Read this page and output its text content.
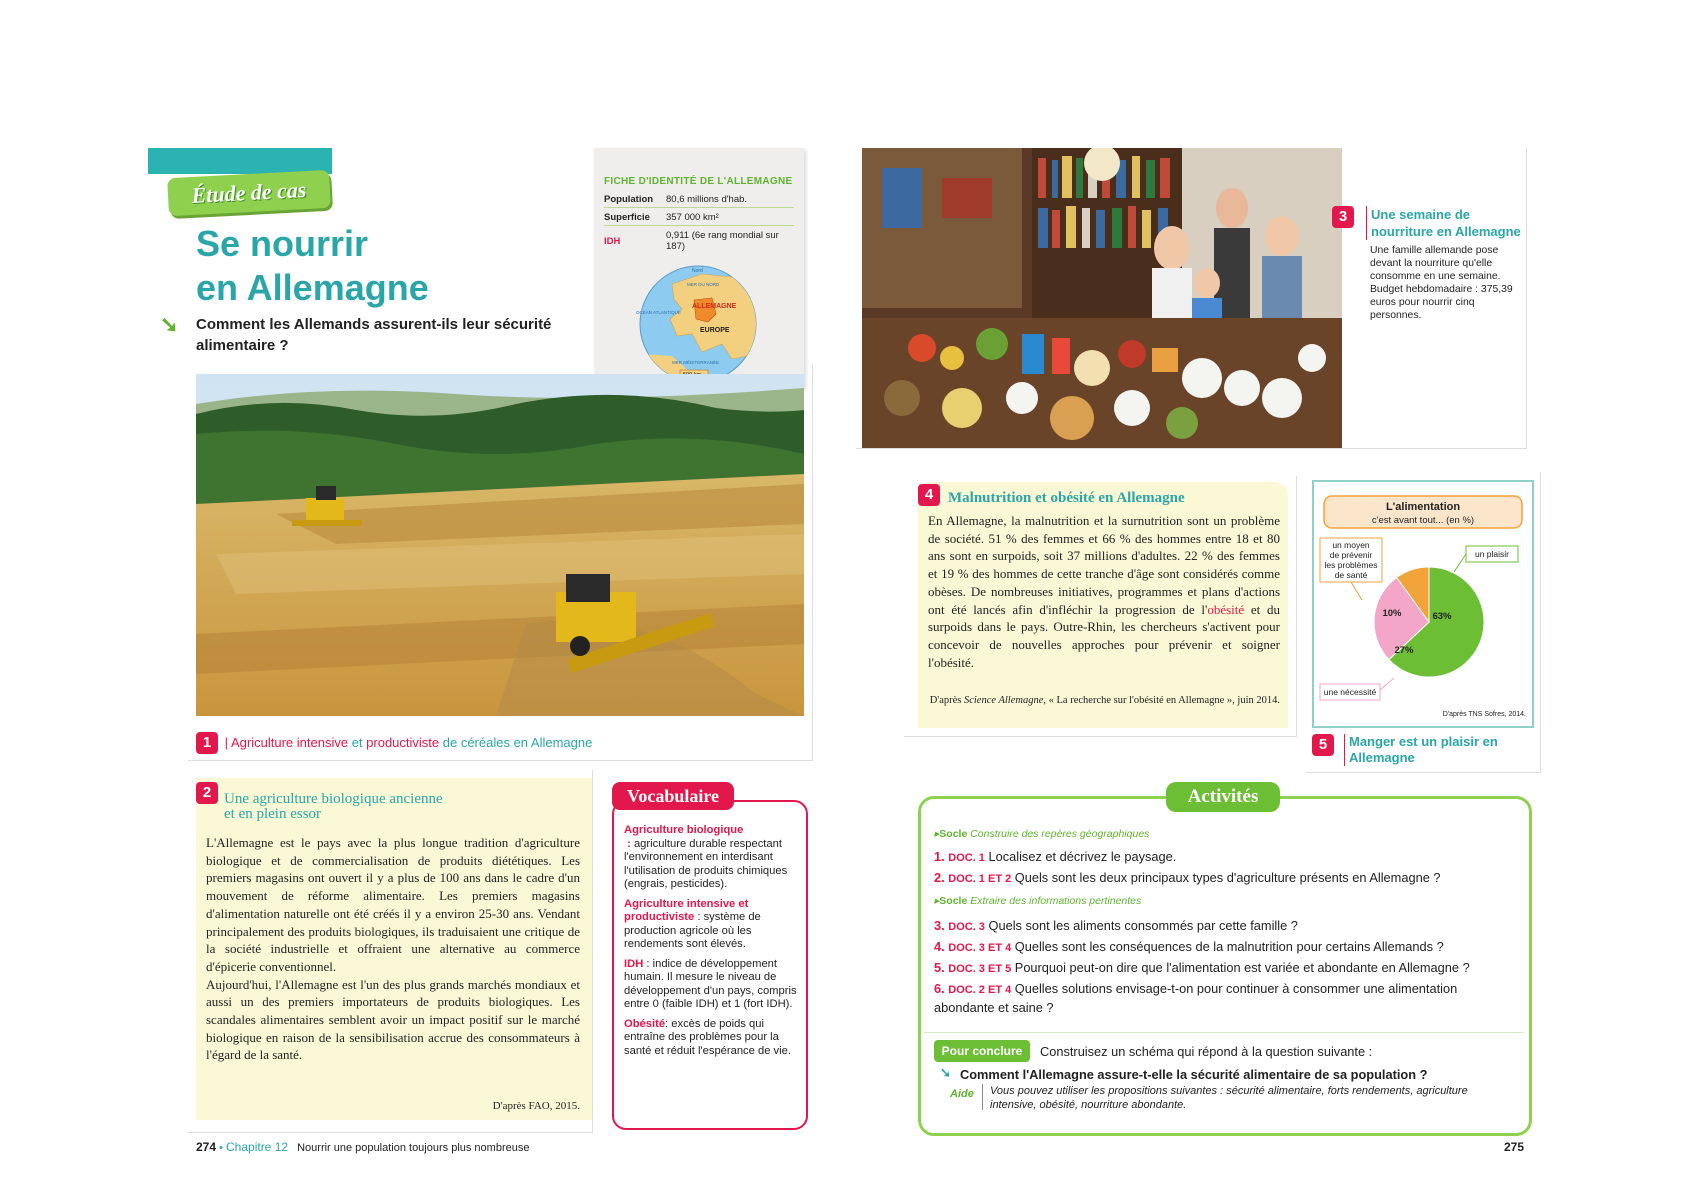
Étude de cas
Se nourrir
en Allemagne
➘ Comment les Allemands assurent-ils leur sécurité alimentaire ?
FICHE D'IDENTITÉ DE L'ALLEMAGNE
Population 80,6 millions d'hab.
Superficie 357 000 km²
IDH
0,911 (6e rang mondial sur 187)
Nord
MER DU NORD
OCÉAN ATLANTIQUE
ALLEMAGNE
EUROPE
MER MÉDITERRANÉE
1 | Agriculture intensive et productiviste de céréales en Allemagne
2 Une agriculture biologique ancienne
et en plein essor
L'Allemagne est le pays avec la plus longue tradition d'agriculture biologique et de commercialisation de produits diététiques. Les premiers magasins ont ouvert il y a plus de 100 ans dans le cadre d'un mouvement de réforme alimentaire. Les premiers magasins d'alimentation naturelle ont été créés il y a environ 25-30 ans. Vendant principalement des produits biologiques, ils traduisaient une critique de la société industrielle et offraient une alternative au commerce d'épicerie conventionnel.
Aujourd'hui, l'Allemagne est l'un des plus grands marchés mondiaux et aussi un des premiers importateurs de produits biologiques. Les scandales alimentaires semblent avoir un impact positif sur le marché biologique en raison de la sensibilisation accrue des consommateurs à l'égard de la santé.
D'après FAO, 2015.

Agriculture biologique : agriculture durable respectant l'environnement en interdisant l'utilisation de produits chimiques (engrais, pesticides).

Agriculture intensive et productiviste : système de production agricole où les rendements sont élevés.

IDH : indice de développement humain. Il mesure le niveau de développement d'un pays, compris entre 0 (faible IDH) et 1 (fort IDH).

Obésité: excès de poids qui entraîne des problèmes pour la santé et réduit l'espérance de vie.

Vocabulaire
274 • Chapitre 12 Nourrir une population toujours plus nombreuse
3	Une semaine de nourriture en Allemagne
Une famille allemande pose devant la nourriture qu'elle consomme en une semaine. Budget hebdomadaire : 375,39 euros pour nourrir cinq personnes.
4 Malnutrition et obésité en Allemagne
En Allemagne, la malnutrition et la surnutrition sont un problème de société. 51 % des femmes et 66 % des hommes entre 18 et 80 ans sont en surpoids, soit 37 millions d'adultes. 22 % des femmes et 19 % des hommes de cette tranche d'âge sont considérés comme obèses. De nombreuses initiatives, programmes et plans d'actions ont été lancés afin d'infléchir la progression de l'obésité et du surpoids dans le pays. Outre-Rhin, les chercheurs s'activent pour concevoir de nouvelles approches pour prévenir et soigner l'obésité.
D'après Science Allemagne, « La recherche sur l'obésité en Allemagne », juin 2014.
L'alimentation
c'est avant tout... (en %)
un moyen
de prévenir
les problèmes
de santé
un plaisir
une nécessité
63%
27%
10%
D'après TNS Sofres, 2014.
5	Manger est un plaisir en Allemagne
Activités
▸Socle Construire des repères géographiques
1. DOC. 1 Localisez et décrivez le paysage.
2. DOC. 1 ET 2 Quels sont les deux principaux types d'agriculture présents en Allemagne ?
▸Socle Extraire des informations pertinentes
3. DOC. 3 Quels sont les aliments consommés par cette famille ?
4. DOC. 3 ET 4 Quelles sont les conséquences de la malnutrition pour certains Allemands ?
5. DOC. 3 ET 5 Pourquoi peut-on dire que l'alimentation est variée et abondante en Allemagne ?
6. DOC. 2 ET 4 Quelles solutions envisage-t-on pour continuer à consommer une alimentation abondante et saine ?
Pour conclure	Construisez un schéma qui répond à la question suivante :
➘ Comment l'Allemagne assure-t-elle la sécurité alimentaire de sa population ?
Aide Vous pouvez utiliser les propositions suivantes : sécurité alimentaire, forts rendements, agriculture intensive, obésité, nourriture abondante.
275
